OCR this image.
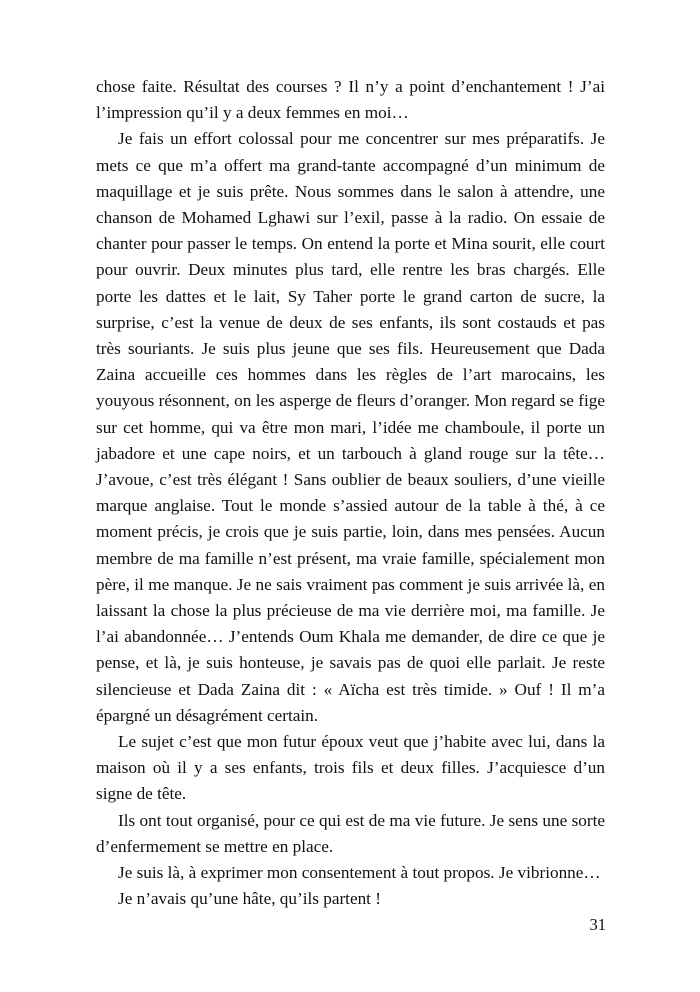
chose faite. Résultat des courses ? Il n’y a point d’enchantement ! J’ai l’impression qu’il y a deux femmes en moi…

Je fais un effort colossal pour me concentrer sur mes préparatifs. Je mets ce que m’a offert ma grand-tante accompagné d’un minimum de maquillage et je suis prête. Nous sommes dans le salon à attendre, une chanson de Mohamed Lghawi sur l’exil, passe à la radio. On essaie de chanter pour passer le temps. On entend la porte et Mina sourit, elle court pour ouvrir. Deux minutes plus tard, elle rentre les bras chargés. Elle porte les dattes et le lait, Sy Taher porte le grand carton de sucre, la surprise, c’est la venue de deux de ses enfants, ils sont costauds et pas très souriants. Je suis plus jeune que ses fils. Heureusement que Dada Zaina accueille ces hommes dans les règles de l’art marocains, les youyous résonnent, on les asperge de fleurs d’oranger. Mon regard se fige sur cet homme, qui va être mon mari, l’idée me chamboule, il porte un jabadore et une cape noirs, et un tarbouch à gland rouge sur la tête… J’avoue, c’est très élégant ! Sans oublier de beaux souliers, d’une vieille marque anglaise. Tout le monde s’assied autour de la table à thé, à ce moment précis, je crois que je suis partie, loin, dans mes pensées. Aucun membre de ma famille n’est présent, ma vraie famille, spécialement mon père, il me manque. Je ne sais vraiment pas comment je suis arrivée là, en laissant la chose la plus précieuse de ma vie derrière moi, ma famille. Je l’ai abandonnée… J’entends Oum Khala me demander, de dire ce que je pense, et là, je suis honteuse, je savais pas de quoi elle parlait. Je reste silencieuse et Dada Zaina dit : « Aïcha est très timide. » Ouf ! Il m’a épargné un désagrément certain.

Le sujet c’est que mon futur époux veut que j’habite avec lui, dans la maison où il y a ses enfants, trois fils et deux filles. J’acquiesce d’un signe de tête.

Ils ont tout organisé, pour ce qui est de ma vie future. Je sens une sorte d’enfermement se mettre en place.

Je suis là, à exprimer mon consentement à tout propos. Je vibrionne…

Je n’avais qu’une hâte, qu’ils partent !

31
